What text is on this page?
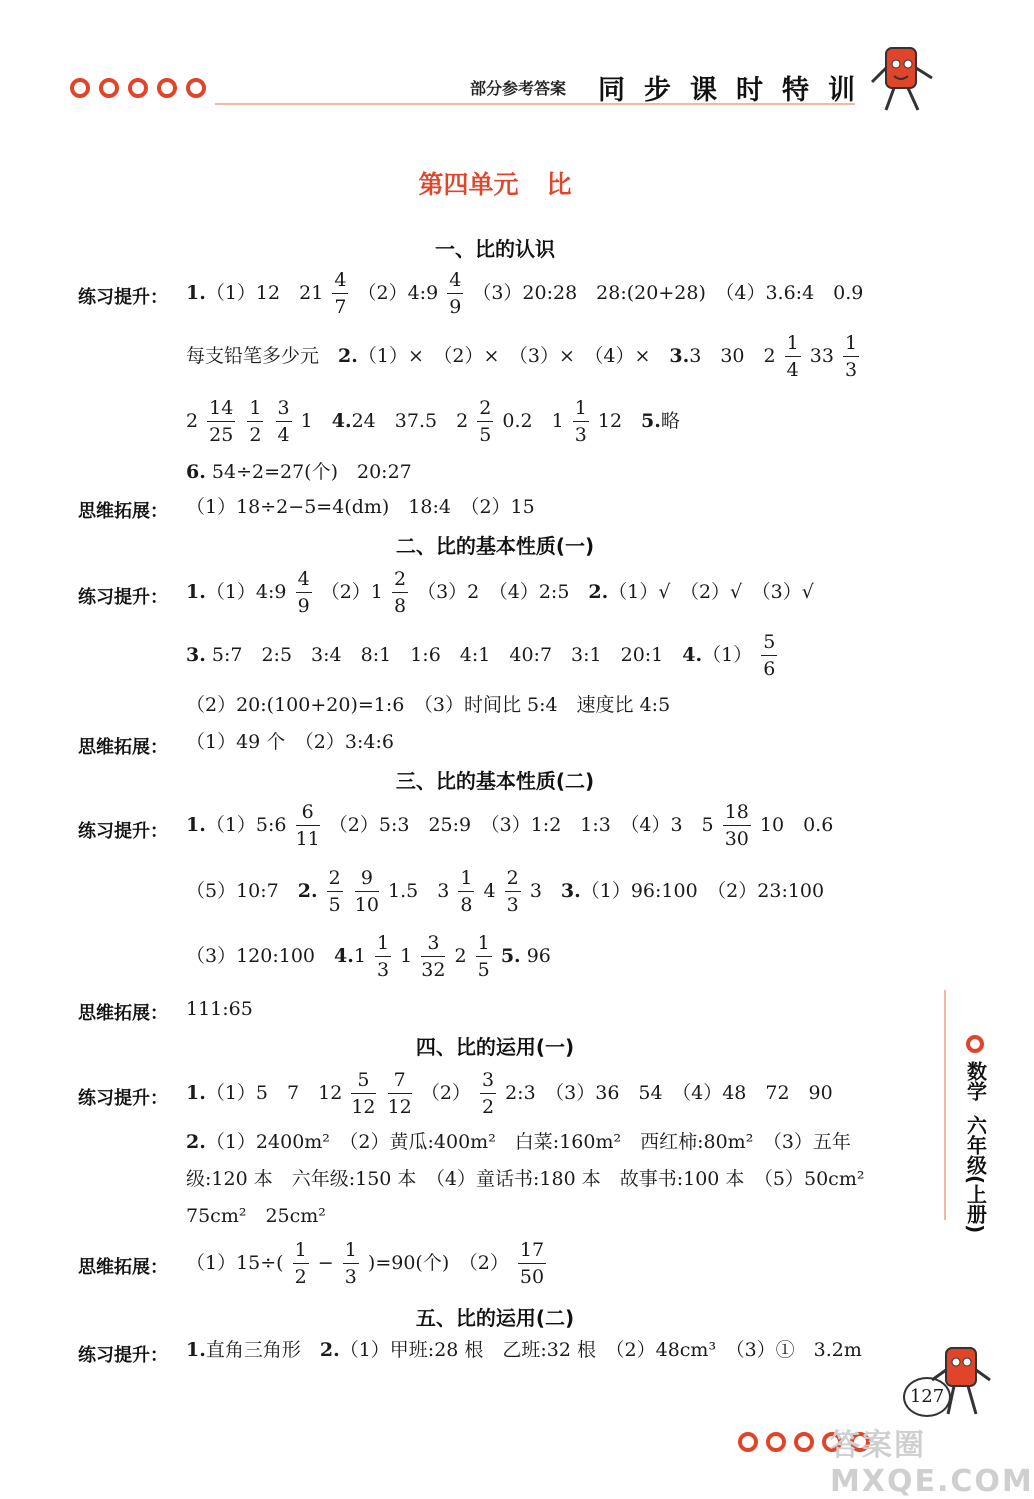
部分参考答案 同步课时特训
第四单元 比
一、比的认识
练习提升： 1.（1）12　$21 \frac{4}{7}$ （2）4:9 $\frac{4}{9}$ （3）20:28　28:(20+28)　（4）3.6:4　0.9
每支铅笔多少元　2.（1）×　（2）×　（3）×　（4）×　3.3　30　$2 \frac{1}{4} 33 \frac{1}{3}$
$2 \frac{14}{25}$
$\frac{1}{2}$
$\frac{3}{4} 1$　4.24　37.5　$2 \frac{2}{5} 0.2$　$1 \frac{1}{3} 12$　5.略
6. 54÷2=27(个)　20:27
思维拓展： （1）18÷2−5=4(dm)　18:4　（2）15
二、比的基本性质(一)
练习提升： 1.（1）4:9 $\frac{4}{9} (2)1 \frac{2}{8} (3)2$　（4）2:5　2.（1）√　（2）√　（3）√
3. 5:7　2:5　3:4　8:1　1:6　4:1　40:7　3:1　20:1　$4.(1) \frac{5}{6}$
（2）20:(100+20)=1:6　（3）时间比 5:4　速度比 4:5
思维拓展： （1）49 个　（2）3:4:6
三、比的基本性质(二)
练习提升： 1.（1）5:6 $\frac{6}{11}$ （2）5:3　25:9　（3）1:2　1:3　（4）3　$5 \frac{18}{30} 10$　0.6
（5）10:7　2. $\frac{2}{5}$
$\frac{9}{10} 1.5$　$3 \frac{1}{8} 4 \frac{2}{3} 3$　3.（1）96:100　（2）23:100
（3）120:100　$4.1 \frac{1}{3} 1 \frac{3}{32} 2 \frac{1}{5} 5$. 96
思维拓展： 111:65
四、比的运用(一)
练习提升： 1.（1）5　7　$12 \frac{5}{12}$
$\frac{7}{12} (2) \frac{3}{2}$ 2:3　（3）36　54　（4）48　72　90
2.（1）2400m²　（2）黄瓜:400m²　白菜:160m²　西红柿:80m²　（3）五年
级:120 本　六年级:150 本　（4）童话书:180 本　故事书:100 本　（5）50cm²
75cm²　25cm²
思维拓展： $(1)15\div( \frac{1}{2} - \frac{1}{3} )=90$(个)　$(2) \frac{17}{50}$
五、比的运用(二)
练习提升： 1.直角三角形　2.（1）甲班:28 根　乙班:32 根　（2）48cm³　（3）①　3.2m
数学
六年级(上册)
127
答案圈 MXQE.COM
